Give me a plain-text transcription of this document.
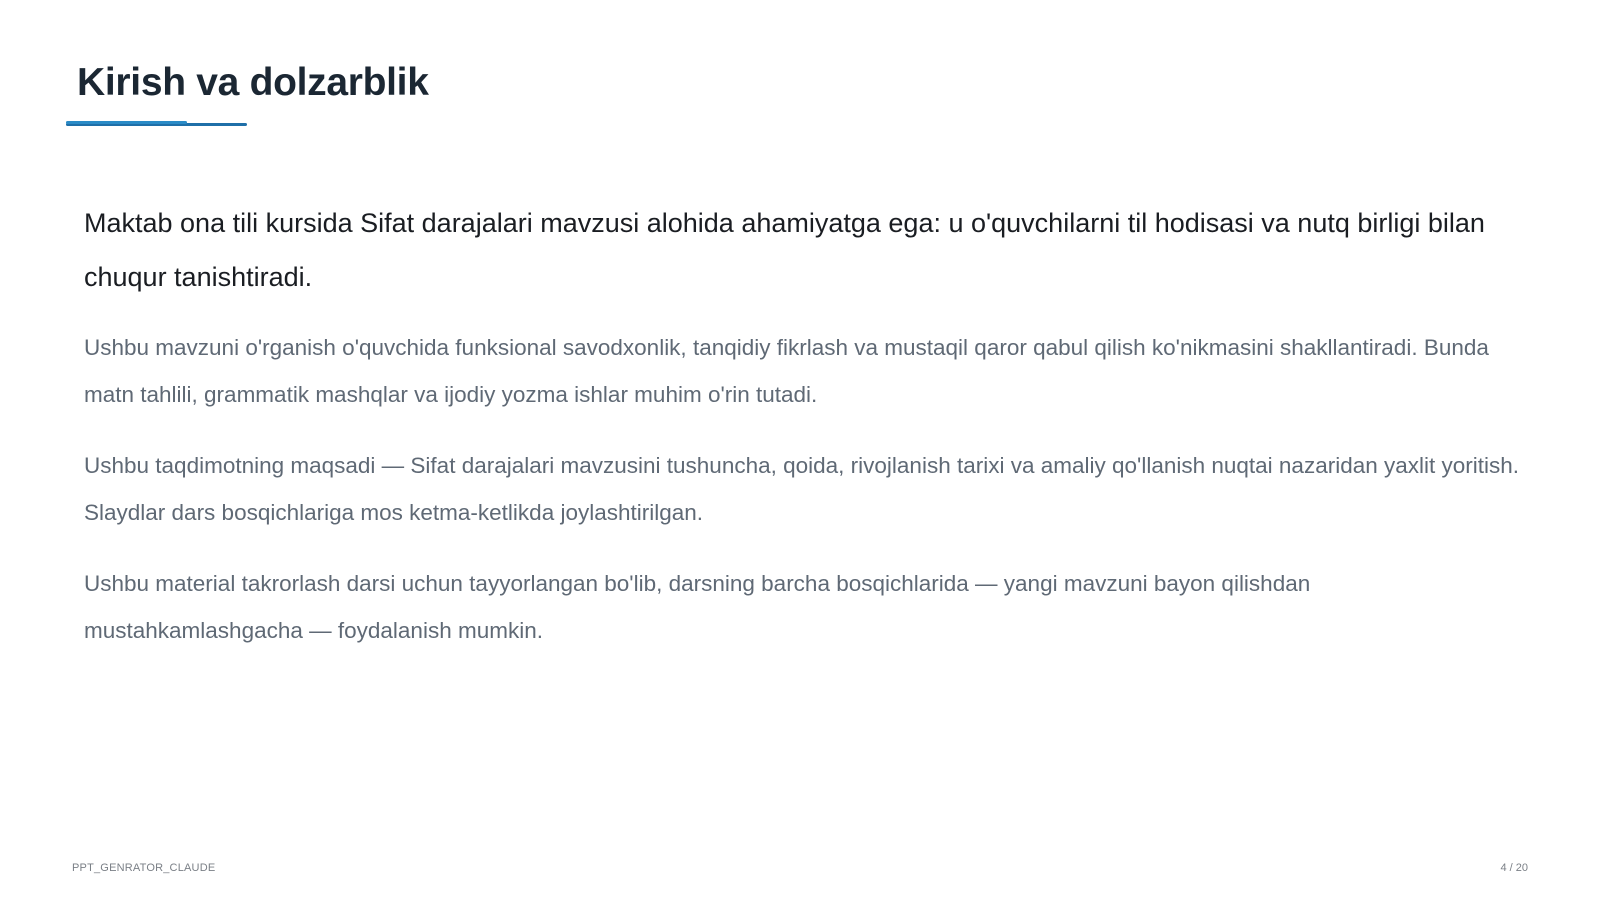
Kirish va dolzarblik

Maktab ona tili kursida Sifat darajalari mavzusi alohida ahamiyatga ega: u o'quvchilarni til hodisasi va nutq birligi bilan chuqur tanishtiradi.

Ushbu mavzuni o'rganish o'quvchida funksional savodxonlik, tanqidiy fikrlash va mustaqil qaror qabul qilish ko'nikmasini shakllantiradi. Bunda matn tahlili, grammatik mashqlar va ijodiy yozma ishlar muhim o'rin tutadi.

Ushbu taqdimotning maqsadi — Sifat darajalari mavzusini tushuncha, qoida, rivojlanish tarixi va amaliy qo'llanish nuqtai nazaridan yaxlit yoritish. Slaydlar dars bosqichlariga mos ketma-ketlikda joylashtirilgan.

Ushbu material takrorlash darsi uchun tayyorlangan bo'lib, darsning barcha bosqichlarida — yangi mavzuni bayon qilishdan mustahkamlashgacha — foydalanish mumkin.

PPT_GENRATOR_CLAUDE	4 / 20
